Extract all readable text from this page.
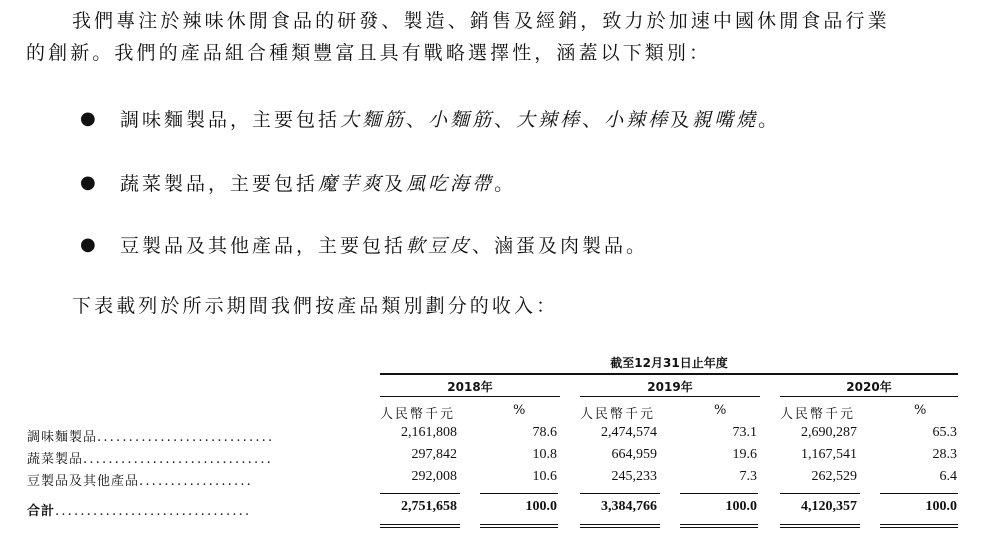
我們專注於辣味休閒食品的研發、製造、銷售及經銷，致力於加速中國休閒食品行業
的創新。我們的產品組合種類豐富且具有戰略選擇性，涵蓋以下類別：
● 調味麵製品，主要包括大麵筋、小麵筋、大辣棒、小辣棒及親嘴燒。
● 蔬菜製品，主要包括魔芋爽及風吃海帶。
● 豆製品及其他產品，主要包括軟豆皮、滷蛋及肉製品。
下表載列於所示期間我們按產品類別劃分的收入：
截至12月31日止年度
2018年	2019年	2020年
人民幣千元	%	人民幣千元	%	人民幣千元	%
調味麵製品............................	2,161,808	78.6	2,474,574	73.1	2,690,287	65.3
蔬菜製品..............................	297,842	10.8	664,959	19.6	1,167,541	28.3
豆製品及其他產品..................	292,008	10.6	245,233	7.3	262,529	6.4
合計...............................	2,751,658	100.0	3,384,766	100.0	4,120,357	100.0
